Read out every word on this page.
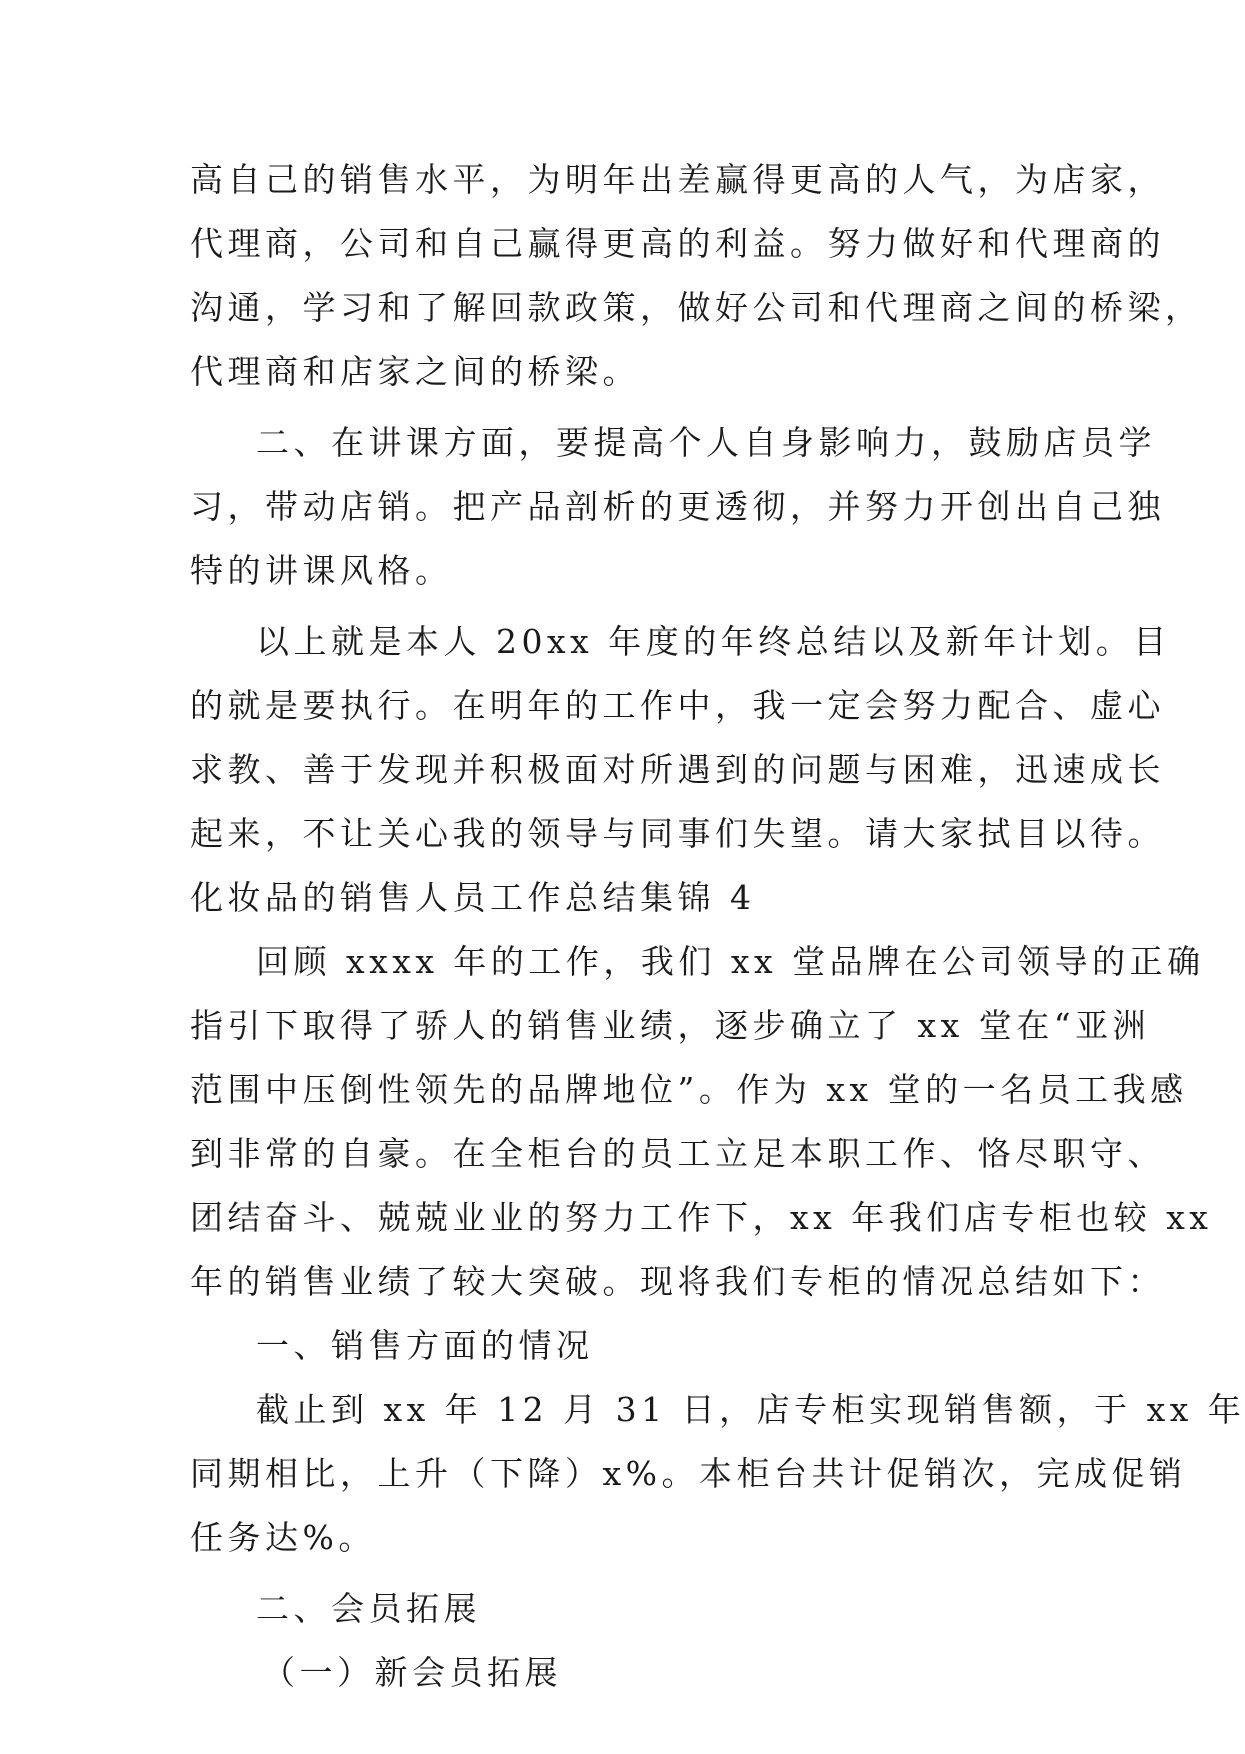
高自己的销售水平，为明年出差赢得更高的人气，为店家，
代理商，公司和自己赢得更高的利益。努力做好和代理商的
沟通，学习和了解回款政策，做好公司和代理商之间的桥梁，
代理商和店家之间的桥梁。
二、在讲课方面，要提高个人自身影响力，鼓励店员学
习，带动店销。把产品剖析的更透彻，并努力开创出自己独
特的讲课风格。
以上就是本人 20xx 年度的年终总结以及新年计划。目
的就是要执行。在明年的工作中，我一定会努力配合、虚心
求教、善于发现并积极面对所遇到的问题与困难，迅速成长
起来，不让关心我的领导与同事们失望。请大家拭目以待。
化妆品的销售人员工作总结集锦 4
回顾 xxxx 年的工作，我们 xx 堂品牌在公司领导的正确
指引下取得了骄人的销售业绩，逐步确立了 xx 堂在“亚洲
范围中压倒性领先的品牌地位”。作为 xx 堂的一名员工我感
到非常的自豪。在全柜台的员工立足本职工作、恪尽职守、
团结奋斗、兢兢业业的努力工作下，xx 年我们店专柜也较 xx
年的销售业绩了较大突破。现将我们专柜的情况总结如下：
一、销售方面的情况
截止到 xx 年 12 月 31 日，店专柜实现销售额，于 xx 年
同期相比，上升（下降）x%。本柜台共计促销次，完成促销
任务达%。
二、会员拓展
（一）新会员拓展
